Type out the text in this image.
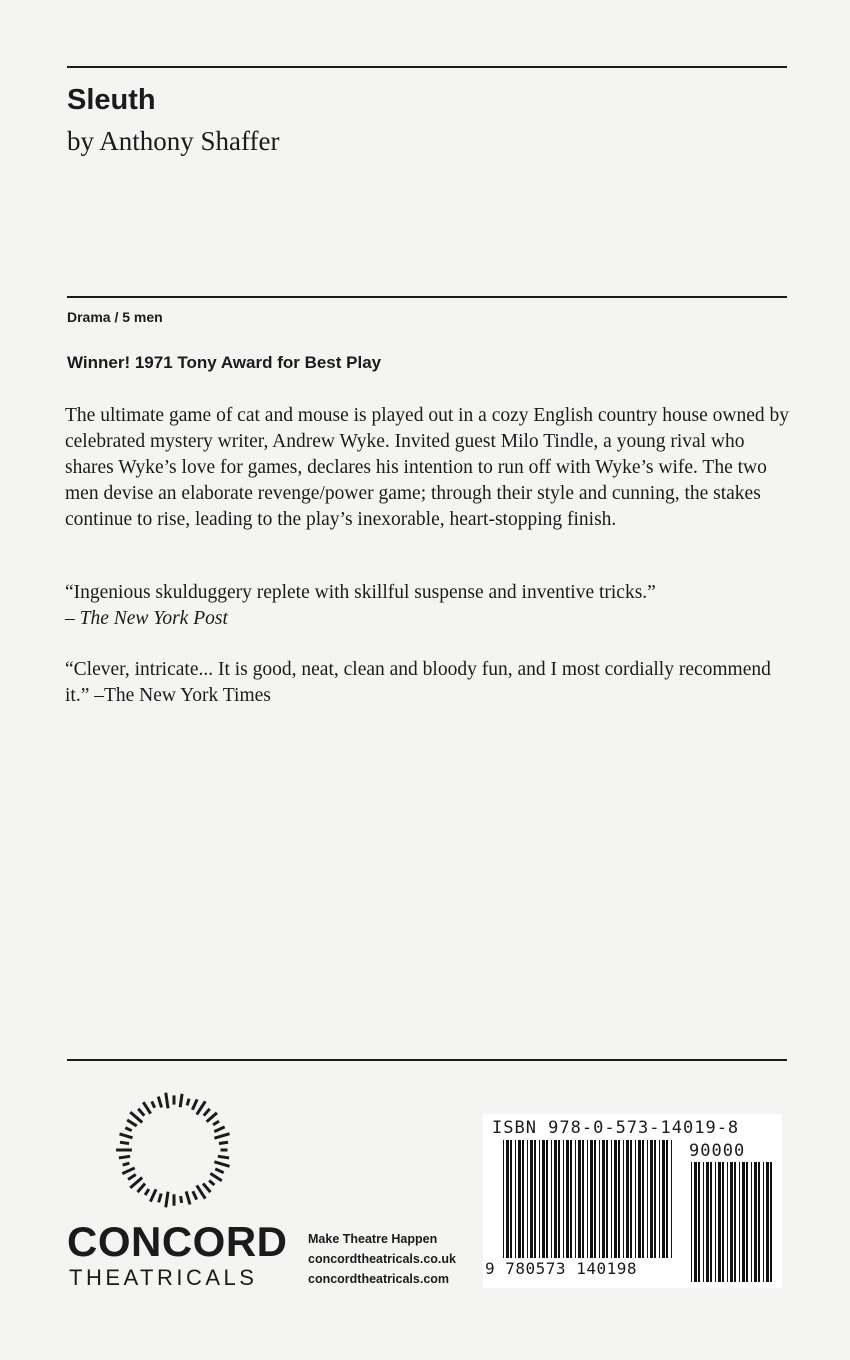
Sleuth
by Anthony Shaffer
Drama / 5 men
Winner! 1971 Tony Award for Best Play

The ultimate game of cat and mouse is played out in a cozy English country house owned by celebrated mystery writer, Andrew Wyke. Invited guest Milo Tindle, a young rival who shares Wyke’s love for games, declares his intention to run off with Wyke’s wife. The two men devise an elaborate revenge/power game; through their style and cunning, the stakes continue to rise, leading to the play’s inexorable, heart-stopping finish.

“Ingenious skulduggery replete with skillful suspense and inventive tricks.”
– The New York Post

“Clever, intricate... It is good, neat, clean and bloody fun, and I most cordially recommend it.” –The New York Times

CONCORD
THEATRICALS
Make Theatre Happen
concordtheatricals.co.uk
concordtheatricals.com
ISBN 978-0-573-14019-8
90000
9 780573 140198
